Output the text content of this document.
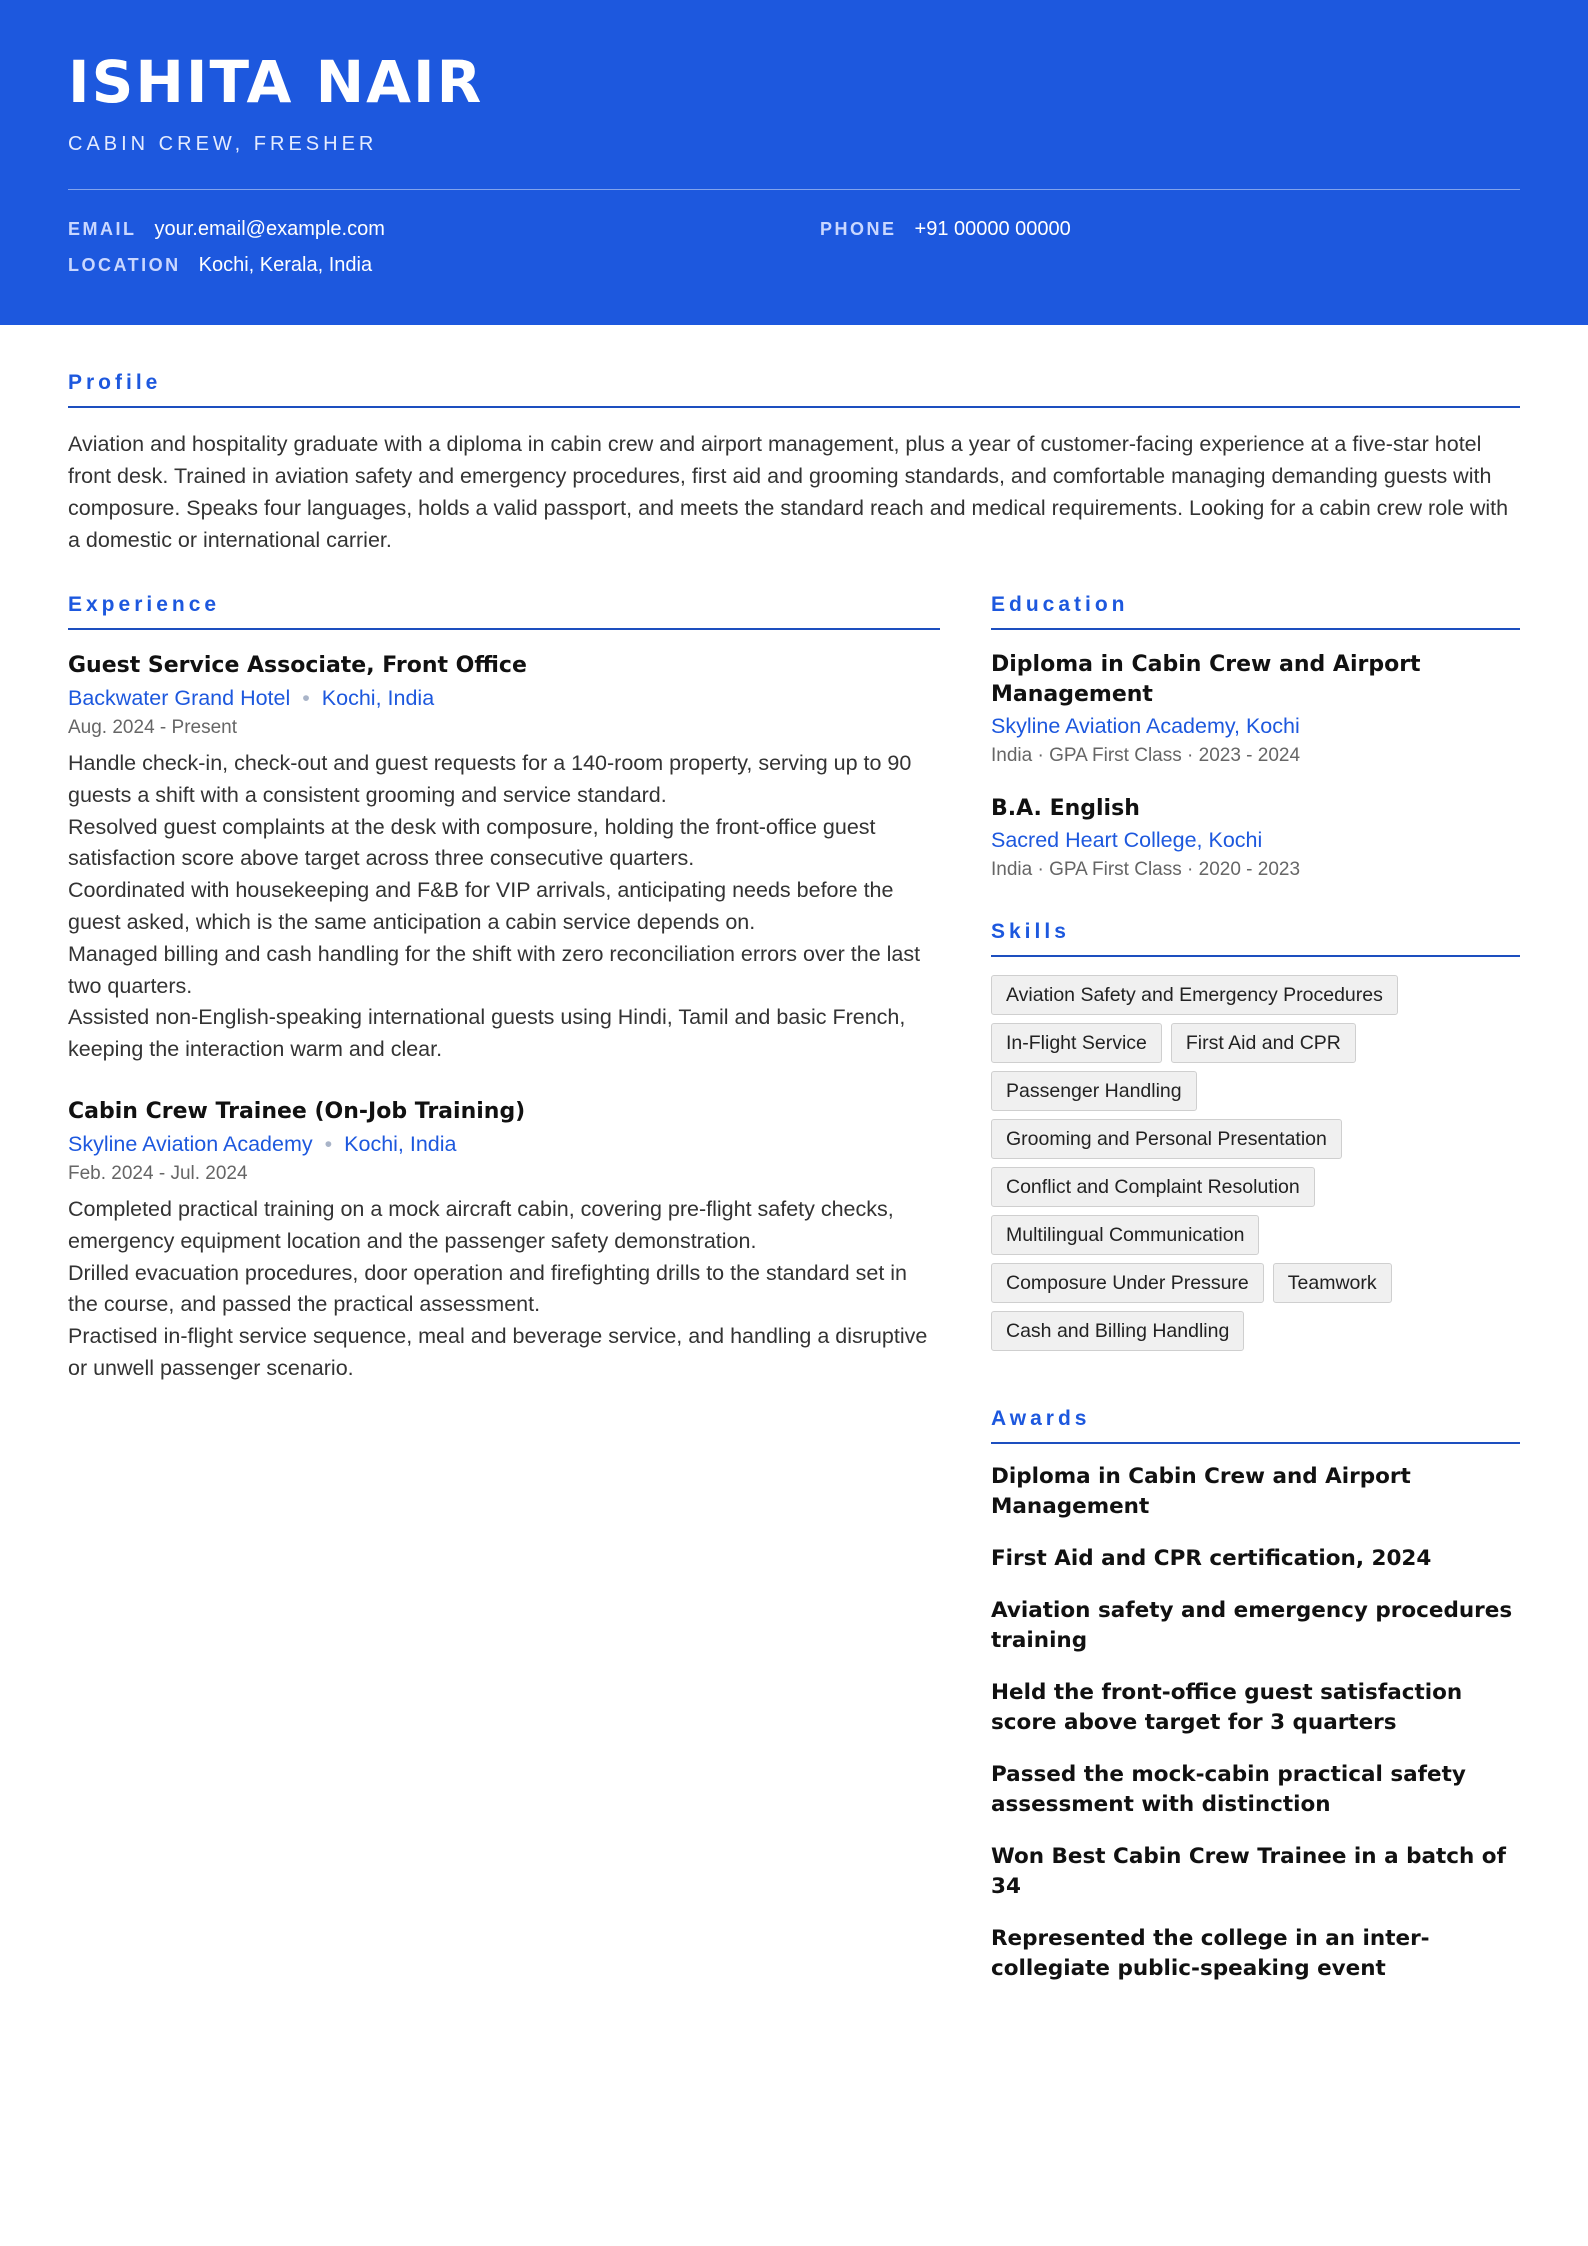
ISHITA NAIR
CABIN CREW, FRESHER
EMAIL your.email@example.com	PHONE +91 00000 00000
LOCATION Kochi, Kerala, India
Profile

Aviation and hospitality graduate with a diploma in cabin crew and airport management, plus a year of customer-facing experience at a five-star hotel front desk. Trained in aviation safety and emergency procedures, first aid and grooming standards, and comfortable managing demanding guests with composure. Speaks four languages, holds a valid passport, and meets the standard reach and medical requirements. Looking for a cabin crew role with a domestic or international carrier.

Experience
Guest Service Associate, Front Office
Backwater Grand Hotel • Kochi, India
Aug. 2024 - Present
Handle check-in, check-out and guest requests for a 140-room property, serving up to 90 guests a shift with a consistent grooming and service standard.
Resolved guest complaints at the desk with composure, holding the front-office guest satisfaction score above target across three consecutive quarters.
Coordinated with housekeeping and F&B for VIP arrivals, anticipating needs before the guest asked, which is the same anticipation a cabin service depends on.
Managed billing and cash handling for the shift with zero reconciliation errors over the last two quarters.
Assisted non-English-speaking international guests using Hindi, Tamil and basic French, keeping the interaction warm and clear.
Cabin Crew Trainee (On-Job Training)
Skyline Aviation Academy • Kochi, India
Feb. 2024 - Jul. 2024
Completed practical training on a mock aircraft cabin, covering pre-flight safety checks, emergency equipment location and the passenger safety demonstration.
Drilled evacuation procedures, door operation and firefighting drills to the standard set in the course, and passed the practical assessment.
Practised in-flight service sequence, meal and beverage service, and handling a disruptive or unwell passenger scenario.
Education
Diploma in Cabin Crew and Airport Management
Skyline Aviation Academy, Kochi
India · GPA First Class · 2023 - 2024
B.A. English
Sacred Heart College, Kochi
India · GPA First Class · 2020 - 2023
Skills
Aviation Safety and Emergency Procedures
In-Flight Service	First Aid and CPR
Passenger Handling
Grooming and Personal Presentation
Conflict and Complaint Resolution
Multilingual Communication
Composure Under Pressure	Teamwork
Cash and Billing Handling
Awards
Diploma in Cabin Crew and Airport Management
First Aid and CPR certification, 2024
Aviation safety and emergency procedures training
Held the front-office guest satisfaction score above target for 3 quarters
Passed the mock-cabin practical safety assessment with distinction
Won Best Cabin Crew Trainee in a batch of 34
Represented the college in an inter-collegiate public-speaking event
